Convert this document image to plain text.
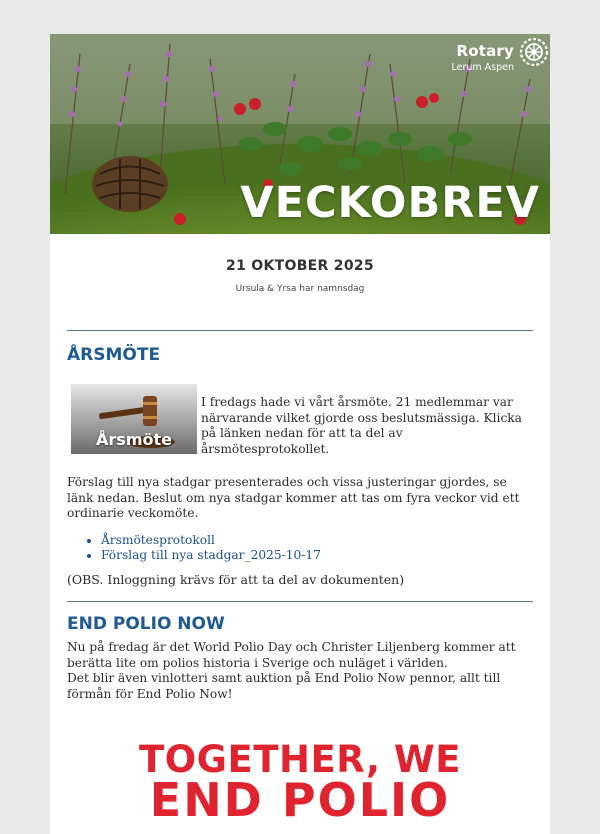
Rotary
Lerum Aspen
VECKOBREV
21 OKTOBER 2025
Ursula & Yrsa har namnsdag
ÅRSMÖTE
Årsmöte
I fredags hade vi vårt årsmöte. 21 medlemmar var närvarande vilket gjorde oss beslutsmässiga. Klicka på länken nedan för att ta del av årsmötesprotokollet.
Förslag till nya stadgar presenterades och vissa justeringar gjordes, se länk nedan. Beslut om nya stadgar kommer att tas om fyra veckor vid ett ordinarie veckomöte.
• Årsmötesprotokoll
• Förslag till nya stadgar_2025-10-17
(OBS. Inloggning krävs för att ta del av dokumenten)
END POLIO NOW
Nu på fredag är det World Polio Day och Christer Liljenberg kommer att berätta lite om polios historia i Sverige och nuläget i världen.
Det blir även vinlotteri samt auktion på End Polio Now pennor, allt till förmån för End Polio Now!
TOGETHER, WE
END POLIO
